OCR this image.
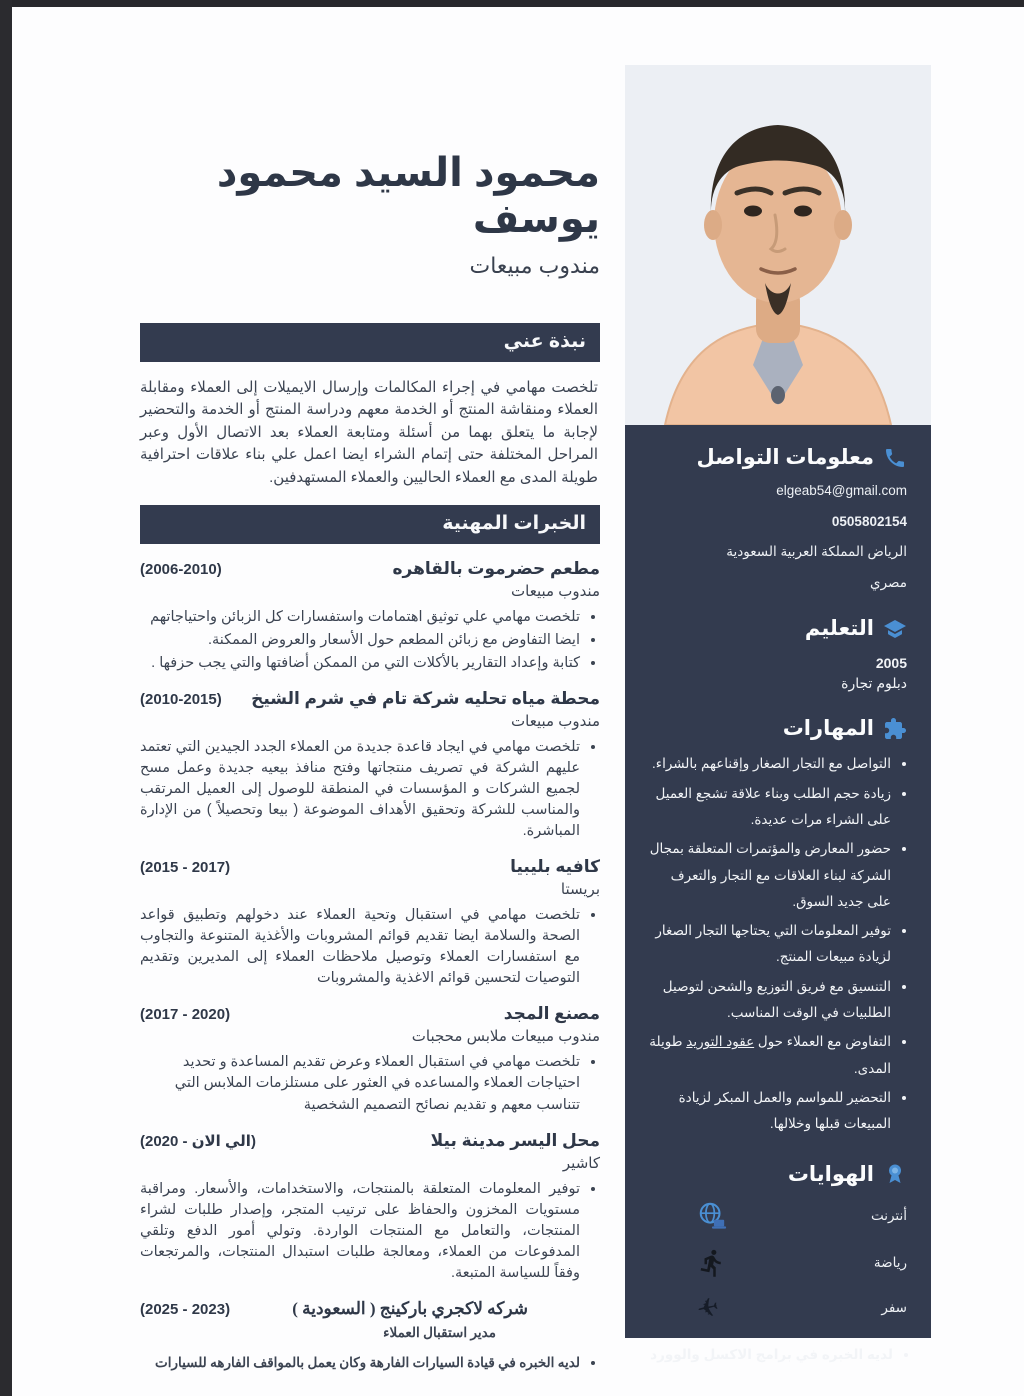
محمود السيد محمود يوسف
مندوب مبيعات
نبذة عني

تلخصت مهامي في إجراء المكالمات وإرسال الايميلات إلى العملاء ومقابلة العملاء ومنقاشة المنتج أو الخدمة معهم ودراسة المنتج أو الخدمة والتحضير لإجابة ما يتعلق بهما من أسئلة ومتابعة العملاء بعد الاتصال الأول وعبر المراحل المختلفة حتى إتمام الشراء ايضا اعمل علي بناء علاقات احترافية طويلة المدى مع العملاء الحاليين والعملاء المستهدفين.

الخبرات المهنية
مطعم حضرموت بالقاهره
(2006-2010)
مندوب مبيعات
• تلخصت مهامي علي توثيق اهتمامات واستفسارات كل الزبائن واحتياجاتهم
• ايضا التفاوض مع زبائن المطعم حول الأسعار والعروض الممكنة.
• كتابة وإعداد التقارير بالأكلات التي من الممكن أضافتها والتي يجب حزفها .
محطة مياه تحليه شركة تام في شرم الشيخ
(2010-2015)
مندوب مبيعات
• تلخصت مهامي في ايجاد قاعدة جديدة من العملاء الجدد الجيدين التي تعتمد عليهم الشركة في تصريف منتجاتها وفتح منافذ بيعيه جديدة وعمل مسح لجميع الشركات و المؤسسات في المنطقة للوصول إلى العميل المرتقب والمناسب للشركة وتحقيق الأهداف الموضوعة ( بيعا وتحصيلاً ) من الإدارة المباشرة.
كافيه بليبيا
(2015 - 2017)
بريستا
• تلخصت مهامي في استقبال وتحية العملاء عند دخولهم وتطبيق قواعد الصحة والسلامة ايضا تقديم قوائم المشروبات والأغذية المتنوعة والتجاوب مع استفسارات العملاء وتوصيل ملاحظات العملاء إلى المديرين وتقديم التوصيات لتحسين قوائم الاغذية والمشروبات
مصنع المجد
(2017 - 2020)
مندوب مبيعات ملابس محجبات
• تلخصت مهامي في استقبال العملاء وعرض تقديم المساعدة و تحديد احتياجات العملاء والمساعده في العثور على مستلزمات الملابس التي تتناسب معهم و تقديم نصائح التصميم الشخصية
محل اليسر مدينة بيلا
(الي الان - 2020)
كاشير
• توفير المعلومات المتعلقة بالمنتجات، والاستخدامات، والأسعار. ومراقبة مستويات المخزون والحفاظ على ترتيب المتجر، وإصدار طلبات لشراء المنتجات، والتعامل مع المنتجات الواردة. وتولي أمور الدفع وتلقي المدفوعات من العملاء، ومعالجة طلبات استبدال المنتجات، والمرتجعات وفقاً للسياسة المتبعة.
شركه لاكجري باركينج ( السعودية )
(2025 - 2023)
مدير استقبال العملاء
• لديه الخبره في قيادة السيارات الفارهة وكان يعمل بالمواقف الفارهه للسيارات
معلومات التواصل
elgeab54@gmail.com
0505802154
الرياض المملكة العربية السعودية
مصري
التعليم
2005
دبلوم تجارة
المهارات
• التواصل مع التجار الصغار وإقناعهم بالشراء.
• زيادة حجم الطلب وبناء علاقة تشجع العميل على الشراء مرات عديدة.
• حضور المعارض والمؤتمرات المتعلقة بمجال الشركة لبناء العلاقات مع التجار والتعرف على جديد السوق.
• توفير المعلومات التي يحتاجها التجار الصغار لزيادة مبيعات المنتج.
• التنسيق مع فريق التوزيع والشحن لتوصيل الطلبيات في الوقت المناسب.
• التفاوض مع العملاء حول عقود التوريد طويلة المدى.
• التحضير للمواسم والعمل المبكر لزيادة المبيعات قبلها وخلالها.
الهوايات
أنترنت
رياضة
سفر
✈
• لديه الخبره في برامج الاكسل والوورد
